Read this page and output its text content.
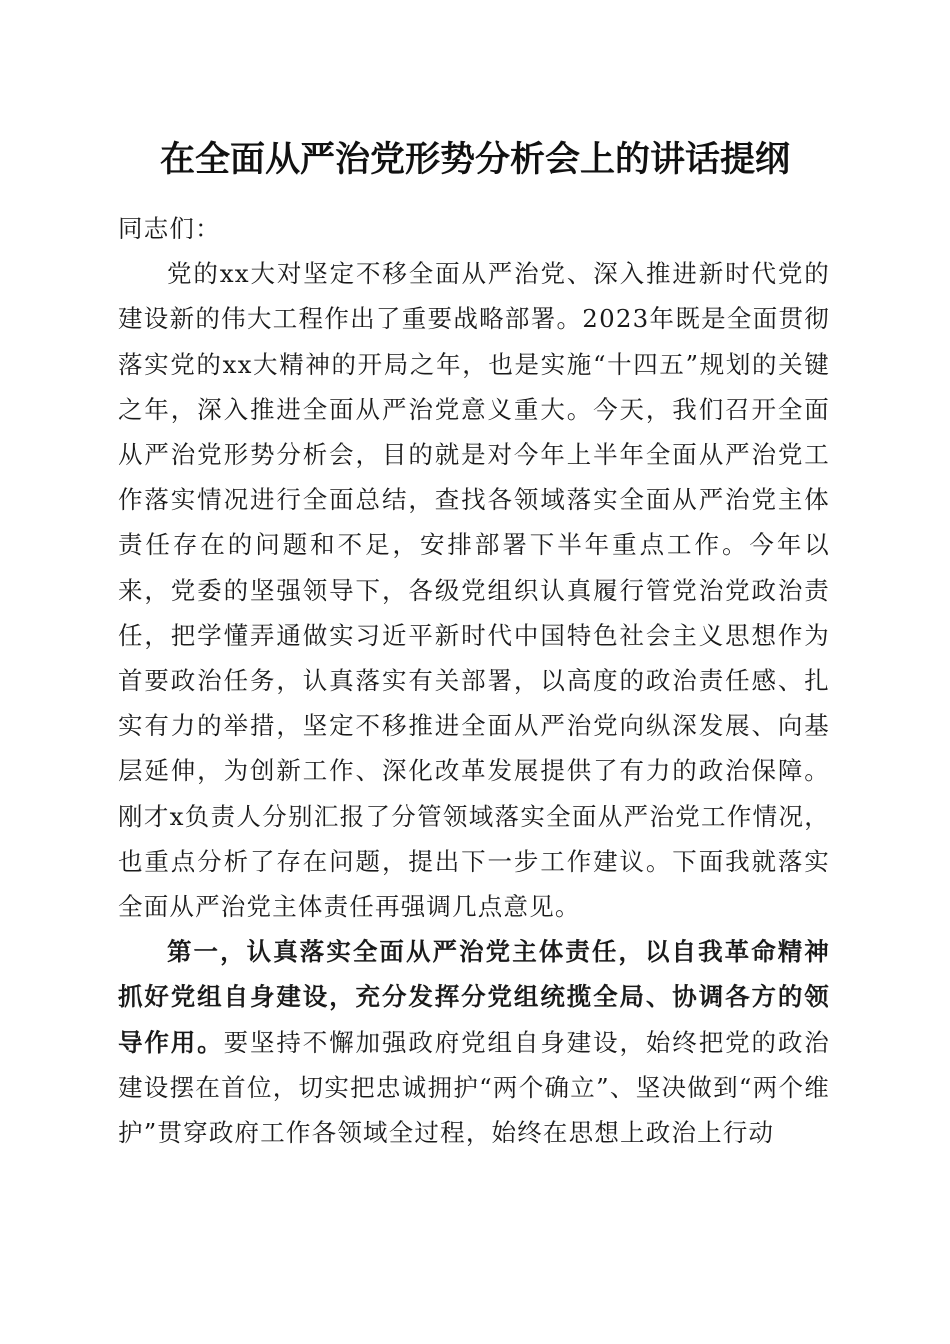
在全面从严治党形势分析会上的讲话提纲

同志们：

党的xx大对坚定不移全面从严治党、深入推进新时代党的建设新的伟大工程作出了重要战略部署。2023年既是全面贯彻落实党的xx大精神的开局之年，也是实施“十四五”规划的关键之年，深入推进全面从严治党意义重大。今天，我们召开全面从严治党形势分析会，目的就是对今年上半年全面从严治党工作落实情况进行全面总结，查找各领域落实全面从严治党主体责任存在的问题和不足，安排部署下半年重点工作。今年以来，党委的坚强领导下，各级党组织认真履行管党治党政治责任，把学懂弄通做实习近平新时代中国特色社会主义思想作为首要政治任务，认真落实有关部署，以高度的政治责任感、扎实有力的举措，坚定不移推进全面从严治党向纵深发展、向基层延伸，为创新工作、深化改革发展提供了有力的政治保障。刚才x负责人分别汇报了分管领域落实全面从严治党工作情况，也重点分析了存在问题，提出下一步工作建议。下面我就落实全面从严治党主体责任再强调几点意见。

第一，认真落实全面从严治党主体责任，以自我革命精神抓好党组自身建设，充分发挥分党组统揽全局、协调各方的领导作用。要坚持不懈加强政府党组自身建设，始终把党的政治建设摆在首位，切实把忠诚拥护“两个确立”、坚决做到“两个维护”贯穿政府工作各领域全过程，始终在思想上政治上行动
